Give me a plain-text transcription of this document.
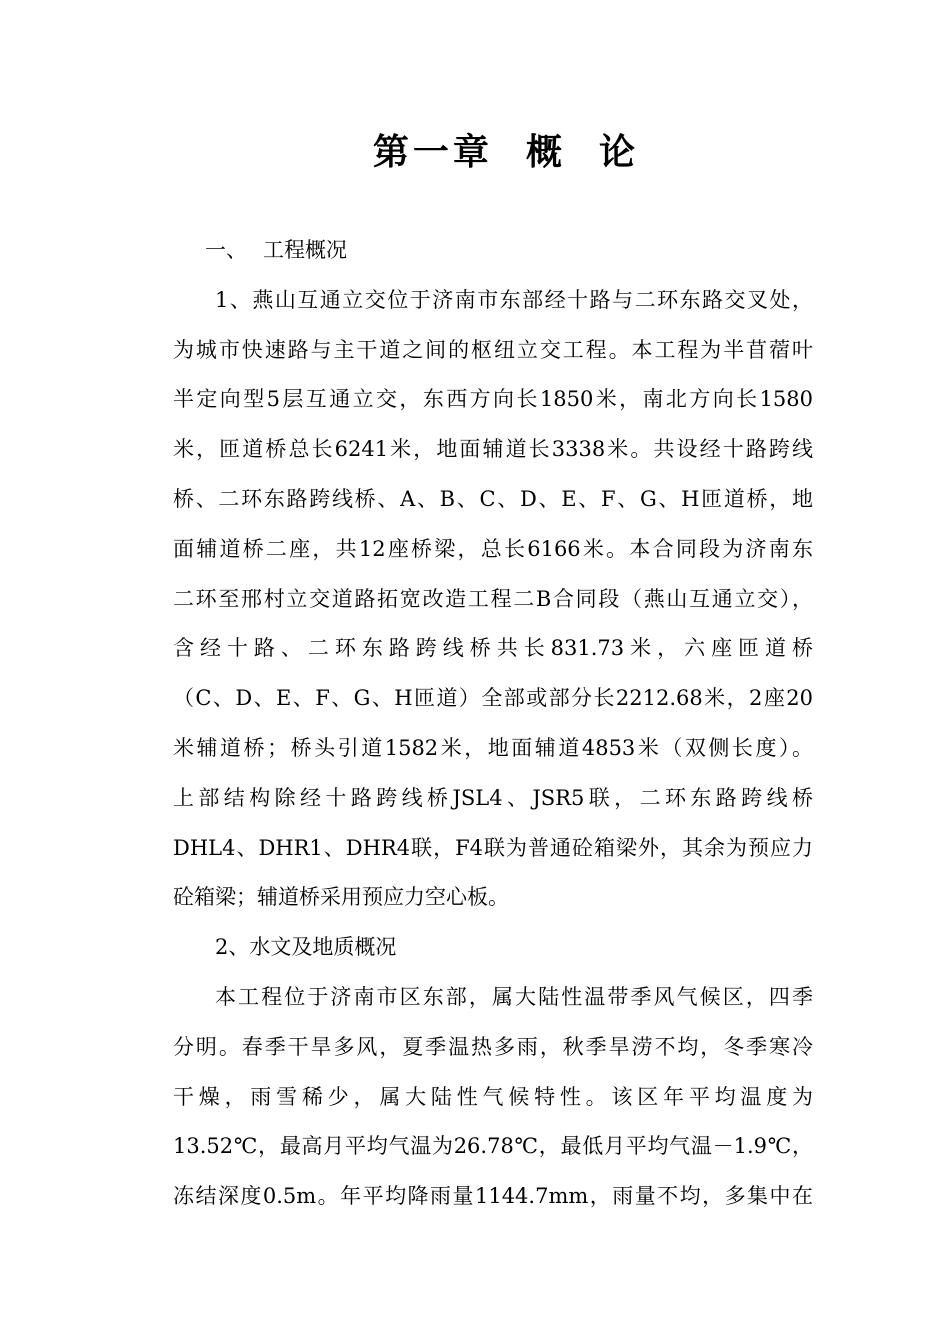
第一章  概  论
一、 工程概况
1、燕山互通立交位于济南市东部经十路与二环东路交叉处，
为城市快速路与主干道之间的枢纽立交工程。本工程为半苜蓿叶
半定向型5层互通立交，东西方向长1850米，南北方向长1580
米，匝道桥总长6241米，地面辅道长3338米。共设经十路跨线
桥、二环东路跨线桥、A、B、C、D、E、F、G、H匝道桥，地
面辅道桥二座，共12座桥梁，总长6166米。本合同段为济南东
二环至邢村立交道路拓宽改造工程二B合同段（燕山互通立交），
含经十路、二环东路跨线桥共长831.73米，六座匝道桥
（C、D、E、F、G、H匝道）全部或部分长2212.68米，2座20
米辅道桥；桥头引道1582米，地面辅道4853米（双侧长度）。
上部结构除经十路跨线桥JSL4、JSR5联，二环东路跨线桥
DHL4、DHR1、DHR4联，F4联为普通砼箱梁外，其余为预应力
砼箱梁；辅道桥采用预应力空心板。
2、水文及地质概况
本工程位于济南市区东部，属大陆性温带季风气候区，四季
分明。春季干旱多风，夏季温热多雨，秋季旱涝不均，冬季寒冷
干燥，雨雪稀少，属大陆性气候特性。该区年平均温度为
13.52℃，最高月平均气温为26.78℃，最低月平均气温－1.9℃，
冻结深度0.5m。年平均降雨量1144.7mm，雨量不均，多集中在
